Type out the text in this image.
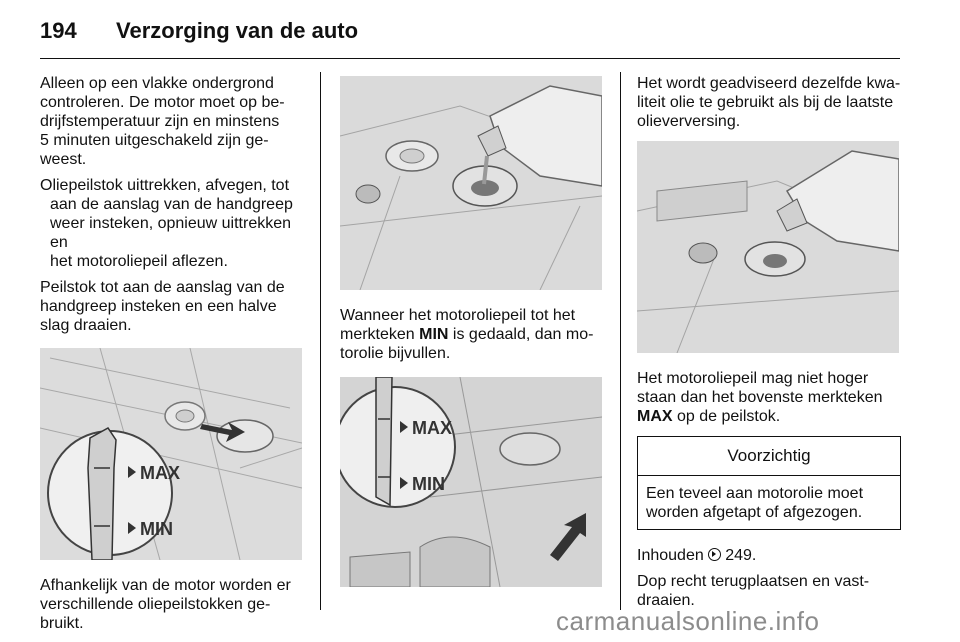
194 Verzorging van de auto

Alleen op een vlakke ondergrond
controleren. De motor moet op be-
drijfstemperatuur zijn en minstens
5 minuten uitgeschakeld zijn ge-
weest.

Oliepeilstok uittrekken, afvegen, tot
aan de aanslag van de handgreep
weer insteken, opnieuw uittrekken en
het motoroliepeil aflezen.

Peilstok tot aan de aanslag van de
handgreep insteken en een halve
slag draaien.

MAX
MIN

Afhankelijk van de motor worden er
verschillende oliepeilstokken ge-
bruikt.

Wanneer het motoroliepeil tot het
merkteken MIN is gedaald, dan mo-
torolie bijvullen.

MAX
MIN

Het wordt geadviseerd dezelfde kwa-
liteit olie te gebruikt als bij de laatste
olieverversing.

Het motoroliepeil mag niet hoger
staan dan het bovenste merkteken
MAX op de peilstok.

Voorzichtig
Een teveel aan motorolie moet
worden afgetapt of afgezogen.

Inhouden
249.

Dop recht terugplaatsen en vast-
draaien.

carmanualsonline.info
